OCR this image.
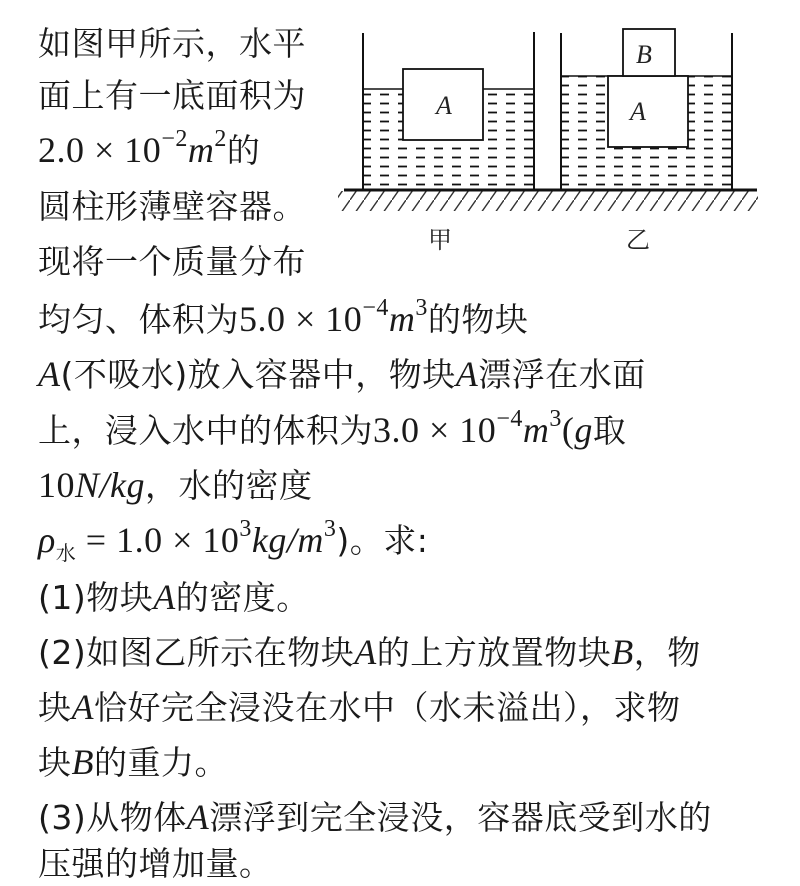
如图甲所示，水平
面上有一底面积为
$2.0 \times 10^{-2}m^2$的
圆柱形薄壁容器。
现将一个质量分布
均匀、体积为$5.0 \times 10^{-4}m^3$的物块
A(不吸水)放入容器中，物块A漂浮在水面
上，浸入水中的体积为$3.0 \times 10^{-4}m^3(g$取
10N/kg，水的密度
$\rho_水 = 1.0 \times 10^3kg/m^3$)。求:
(1)物块A的密度。
(2)如图乙所示在物块A的上方放置物块B，物
块A恰好完全浸没在水中（水未溢出），求物
块B的重力。
(3)从物体A漂浮到完全浸没，容器底受到水的
压强的增加量。
A	A
B
甲	乙
